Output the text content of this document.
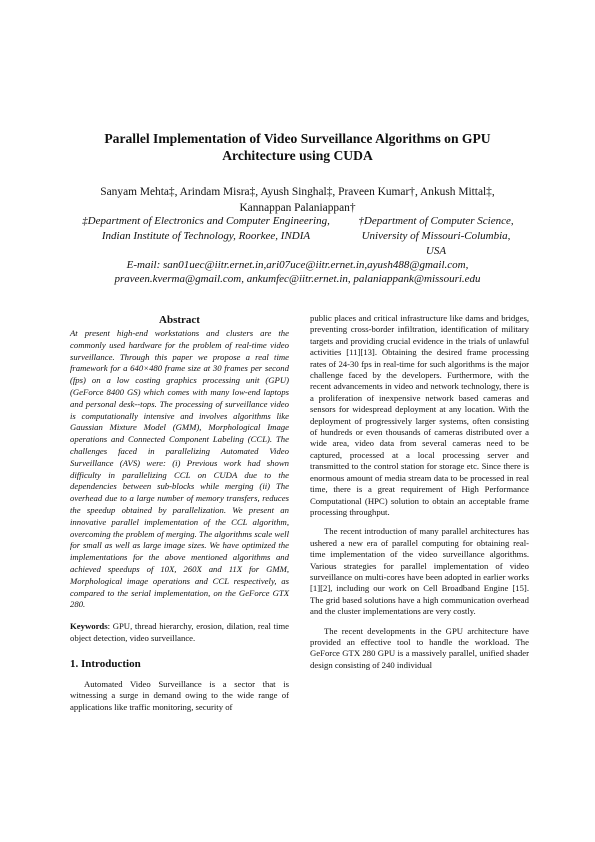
Parallel Implementation of Video Surveillance Algorithms on GPU
Architecture using CUDA
Sanyam Mehta‡, Arindam Misra‡, Ayush Singhal‡, Praveen Kumar†, Ankush Mittal‡,
Kannappan Palaniappan†
‡Department of Electronics and Computer Engineering,
Indian Institute of Technology, Roorkee, INDIA
†Department of Computer Science,
University of Missouri-Columbia,
USA
E-mail: san01uec@iitr.ernet.in,ari07uce@iitr.ernet.in,ayush488@gmail.com,
praveen.kverma@gmail.com, ankumfec@iitr.ernet.in, palaniappank@missouri.edu
Abstract

At present high-end workstations and clusters are the commonly used hardware for the problem of real-time video surveillance. Through this paper we propose a real time framework for a 640×480 frame size at 30 frames per second (fps) on a low costing graphics processing unit (GPU) (GeForce 8400 GS) which comes with many low-end laptops and personal desk--tops. The processing of surveillance video is computationally intensive and involves algorithms like Gaussian Mixture Model (GMM), Morphological Image operations and Connected Component Labeling (CCL). The challenges faced in parallelizing Automated Video Surveillance (AVS) were: (i) Previous work had shown difficulty in parallelizing CCL on CUDA due to the dependencies between sub-blocks while merging (ii) The overhead due to a large number of memory transfers, reduces the speedup obtained by parallelization. We present an innovative parallel implementation of the CCL algorithm, overcoming the problem of merging. The algorithms scale well for small as well as large image sizes. We have optimized the implementations for the above mentioned algorithms and achieved speedups of 10X, 260X and 11X for GMM, Morphological image operations and CCL respectively, as compared to the serial implementation, on the GeForce GTX 280.

Keywords: GPU, thread hierarchy, erosion, dilation, real time object detection, video surveillance.
1. Introduction

Automated Video Surveillance is a sector that is witnessing a surge in demand owing to the wide range of applications like traffic monitoring, security of

public places and critical infrastructure like dams and bridges, preventing cross-border infiltration, identification of military targets and providing crucial evidence in the trials of unlawful activities [11][13]. Obtaining the desired frame processing rates of 24-30 fps in real-time for such algorithms is the major challenge faced by the developers. Furthermore, with the recent advancements in video and network technology, there is a proliferation of inexpensive network based cameras and sensors for widespread deployment at any location. With the deployment of progressively larger systems, often consisting of hundreds or even thousands of cameras distributed over a wide area, video data from several cameras need to be captured, processed at a local processing server and transmitted to the control station for storage etc. Since there is enormous amount of media stream data to be processed in real time, there is a great requirement of High Performance Computational (HPC) solution to obtain an acceptable frame processing throughput.

The recent introduction of many parallel architectures has ushered a new era of parallel computing for obtaining real-time implementation of the video surveillance algorithms. Various strategies for parallel implementation of video surveillance on multi-cores have been adopted in earlier works [1][2], including our work on Cell Broadband Engine [15]. The grid based solutions have a high communication overhead and the cluster implementations are very costly.

The recent developments in the GPU architecture have provided an effective tool to handle the workload. The GeForce GTX 280 GPU is a massively parallel, unified shader design consisting of 240 individual
